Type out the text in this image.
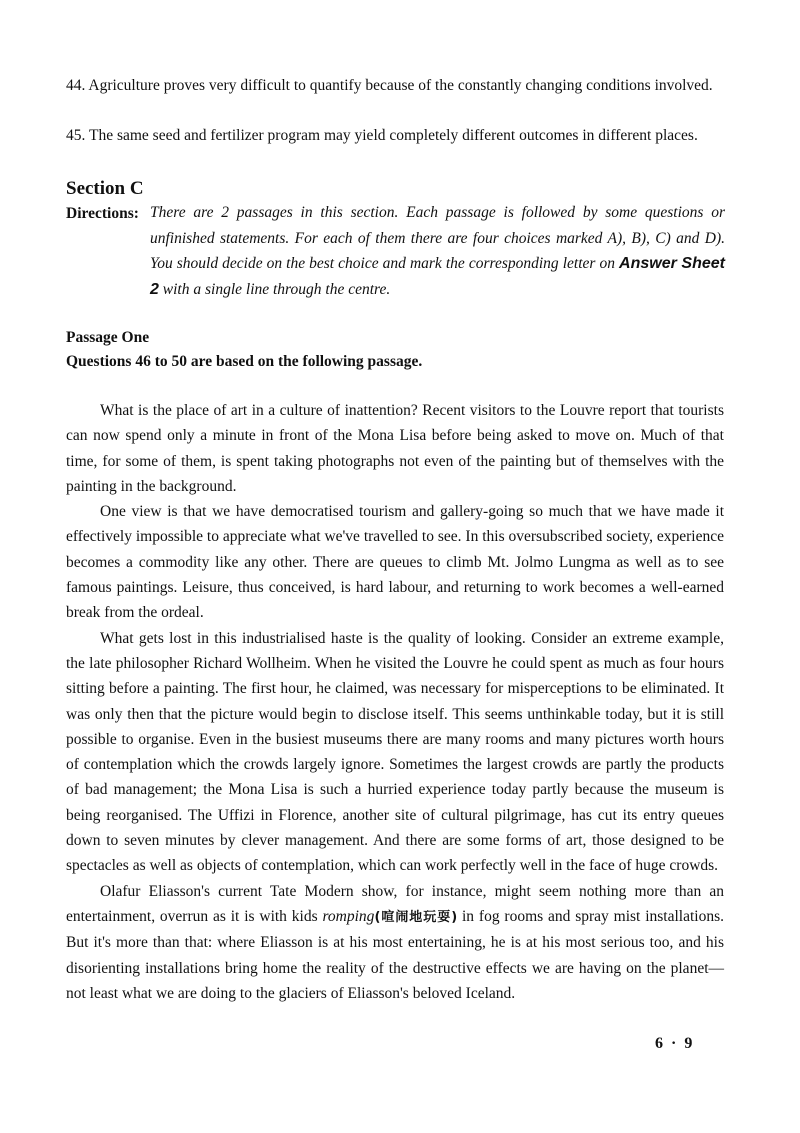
44. Agriculture proves very difficult to quantify because of the constantly changing conditions involved.
45. The same seed and fertilizer program may yield completely different outcomes in different places.
Section C
Directions: There are 2 passages in this section. Each passage is followed by some questions or unfinished statements. For each of them there are four choices marked A), B), C) and D). You should decide on the best choice and mark the corresponding letter on Answer Sheet 2 with a single line through the centre.
Passage One
Questions 46 to 50 are based on the following passage.

What is the place of art in a culture of inattention? Recent visitors to the Louvre report that tourists can now spend only a minute in front of the Mona Lisa before being asked to move on. Much of that time, for some of them, is spent taking photographs not even of the painting but of themselves with the painting in the background.

One view is that we have democratised tourism and gallery-going so much that we have made it effectively impossible to appreciate what we've travelled to see. In this oversubscribed society, experience becomes a commodity like any other. There are queues to climb Mt. Jolmo Lungma as well as to see famous paintings. Leisure, thus conceived, is hard labour, and returning to work becomes a well-earned break from the ordeal.

What gets lost in this industrialised haste is the quality of looking. Consider an extreme example, the late philosopher Richard Wollheim. When he visited the Louvre he could spent as much as four hours sitting before a painting. The first hour, he claimed, was necessary for misperceptions to be eliminated. It was only then that the picture would begin to disclose itself. This seems unthinkable today, but it is still possible to organise. Even in the busiest museums there are many rooms and many pictures worth hours of contemplation which the crowds largely ignore. Sometimes the largest crowds are partly the products of bad management; the Mona Lisa is such a hurried experience today partly because the museum is being reorganised. The Uffizi in Florence, another site of cultural pilgrimage, has cut its entry queues down to seven minutes by clever management. And there are some forms of art, those designed to be spectacles as well as objects of contemplation, which can work perfectly well in the face of huge crowds.

Olafur Eliasson's current Tate Modern show, for instance, might seem nothing more than an entertainment, overrun as it is with kids romping(喧闹地玩耍) in fog rooms and spray mist installations. But it's more than that: where Eliasson is at his most entertaining, he is at his most serious too, and his disorienting installations bring home the reality of the destructive effects we are having on the planet—not least what we are doing to the glaciers of Eliasson's beloved Iceland.

6 · 9
